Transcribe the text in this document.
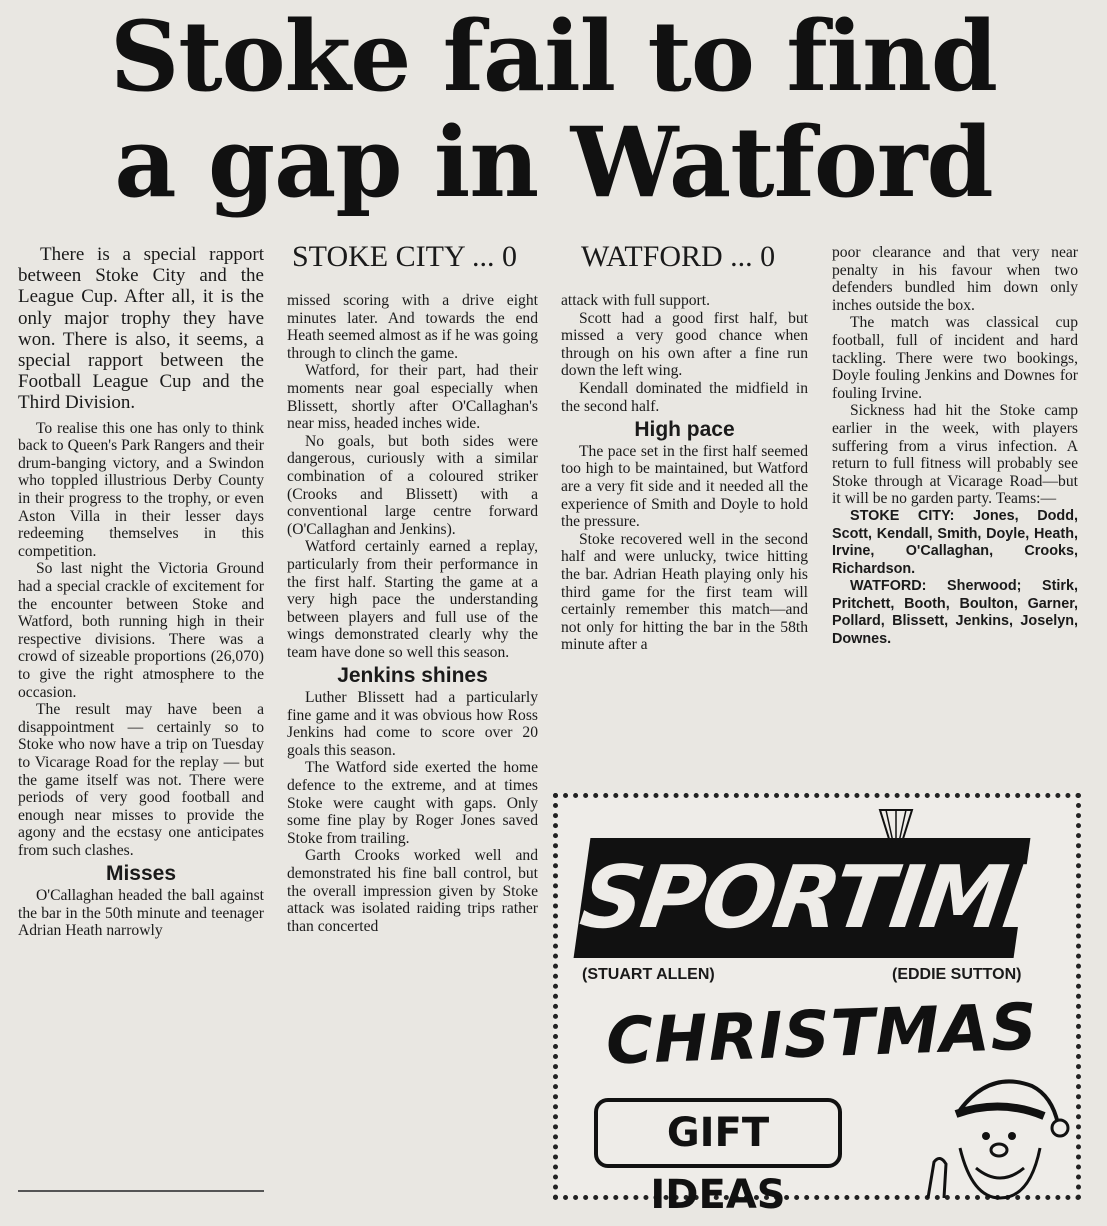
Stoke fail to find
a gap in Watford
STOKE CITY ... 0 WATFORD ... 0

There is a special rapport between Stoke City and the League Cup. After all, it is the only major trophy they have won. There is also, it seems, a special rapport between the Football League Cup and the Third Division.

To realise this one has only to think back to Queen's Park Rangers and their drum-banging victory, and a Swindon who toppled illustrious Derby County in their progress to the trophy, or even Aston Villa in their lesser days redeeming themselves in this competition.

So last night the Victoria Ground had a special crackle of excitement for the encounter between Stoke and Watford, both running high in their respective divisions. There was a crowd of sizeable proportions (26,070) to give the right atmosphere to the occasion.

The result may have been a disappointment — certainly so to Stoke who now have a trip on Tuesday to Vicarage Road for the replay — but the game itself was not. There were periods of very good football and enough near misses to provide the agony and the ecstasy one anticipates from such clashes.

Misses

O'Callaghan headed the ball against the bar in the 50th minute and teenager Adrian Heath narrowly

missed scoring with a drive eight minutes later. And towards the end Heath seemed almost as if he was going through to clinch the game.

Watford, for their part, had their moments near goal especially when Blissett, shortly after O'Callaghan's near miss, headed inches wide.

No goals, but both sides were dangerous, curiously with a similar combination of a coloured striker (Crooks and Blissett) with a conventional large centre forward (O'Callaghan and Jenkins).

Watford certainly earned a replay, particularly from their performance in the first half. Starting the game at a very high pace the understanding between players and full use of the wings demonstrated clearly why the team have done so well this season.

Jenkins shines

Luther Blissett had a particularly fine game and it was obvious how Ross Jenkins had come to score over 20 goals this season.

The Watford side exerted the home defence to the extreme, and at times Stoke were caught with gaps. Only some fine play by Roger Jones saved Stoke from trailing.

Garth Crooks worked well and demonstrated his fine ball control, but the overall impression given by Stoke attack was isolated raiding trips rather than concerted

attack with full support.

Scott had a good first half, but missed a very good chance when through on his own after a fine run down the left wing.

Kendall dominated the midfield in the second half.

High pace

The pace set in the first half seemed too high to be maintained, but Watford are a very fit side and it needed all the experience of Smith and Doyle to hold the pressure.

Stoke recovered well in the second half and were unlucky, twice hitting the bar. Adrian Heath playing only his third game for the first team will certainly remember this match—and not only for hitting the bar in the 58th minute after a

poor clearance and that very near penalty in his favour when two defenders bundled him down only inches outside the box.

The match was classical cup football, full of incident and hard tackling. There were two bookings, Doyle fouling Jenkins and Downes for fouling Irvine.

Sickness had hit the Stoke camp earlier in the week, with players suffering from a virus infection. A return to full fitness will probably see Stoke through at Vicarage Road—but it will be no garden party. Teams:—

STOKE CITY: Jones, Dodd, Scott, Kendall, Smith, Doyle, Heath, Irvine, O'Callaghan, Crooks, Richardson.

WATFORD: Sherwood; Stirk, Pritchett, Booth, Boulton, Garner, Pollard, Blissett, Jenkins, Joselyn, Downes.

SPORTIME
(STUART ALLEN)	(EDDIE SUTTON)
CHRISTMAS
GIFT IDEAS
